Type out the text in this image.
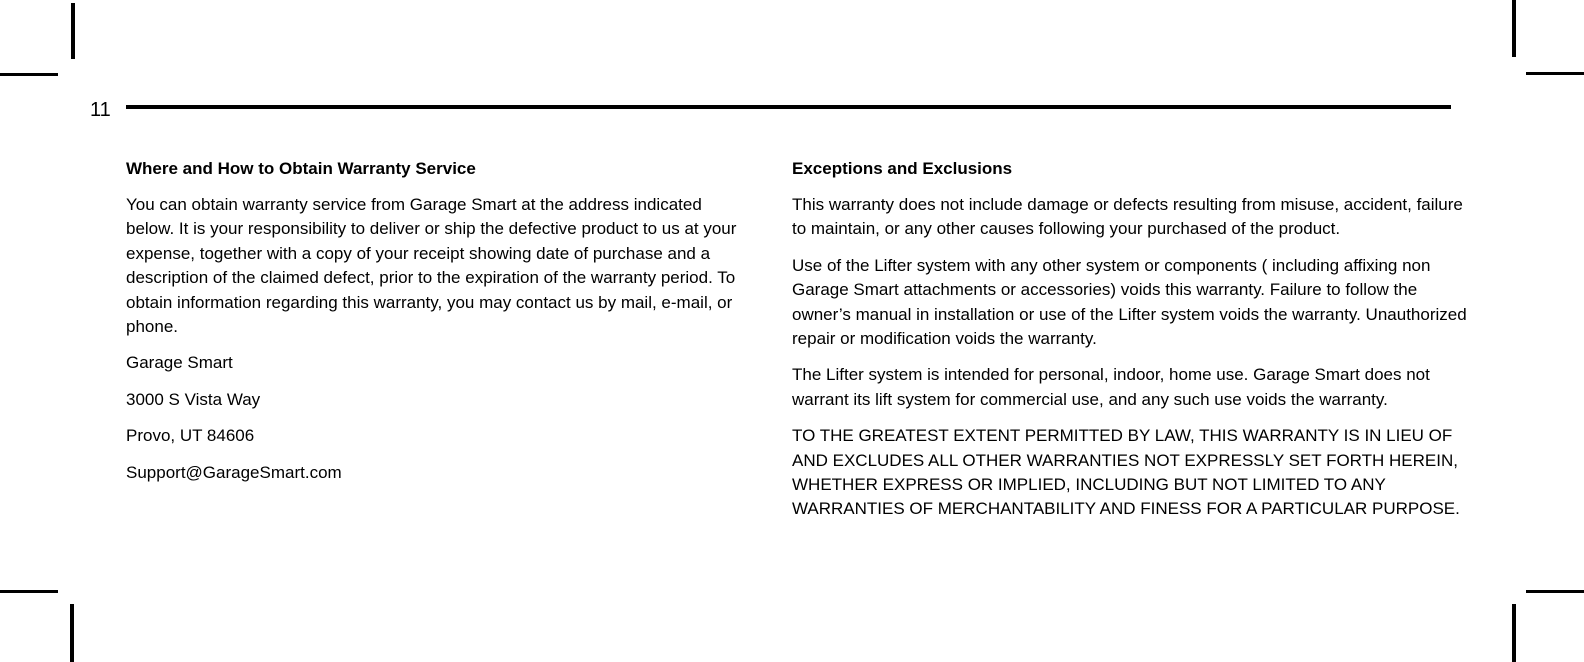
11
Where and How to Obtain Warranty Service

You can obtain warranty service from Garage Smart at the address indicated below. It is your responsibility to deliver or ship the defective product to us at your expense, together with a copy of your receipt showing date of purchase and a description of the claimed defect, prior to the expiration of the warranty period. To obtain information regarding this warranty, you may contact us by mail, e-mail, or phone.

Garage Smart

3000 S Vista Way

Provo, UT 84606

Support@GarageSmart.com

Exceptions and Exclusions

This warranty does not include damage or defects resulting from misuse, accident, failure to maintain, or any other causes following your purchased of the product.

Use of the Lifter system with any other system or components ( including affixing non Garage Smart attachments or accessories) voids this warranty. Failure to follow the owner’s manual in installation or use of the Lifter system voids the warranty. Unauthorized repair or modification voids the warranty.

The Lifter system is intended for personal, indoor, home use. Garage Smart does not warrant its lift system for commercial use, and any such use voids the warranty.

TO THE GREATEST EXTENT PERMITTED BY LAW, THIS WARRANTY IS IN LIEU OF AND EXCLUDES ALL OTHER WARRANTIES NOT EXPRESSLY SET FORTH HEREIN, WHETHER EXPRESS OR IMPLIED, INCLUDING BUT NOT LIMITED TO ANY WARRANTIES OF MERCHANTABILITY AND FINESS FOR A PARTICULAR PURPOSE.
